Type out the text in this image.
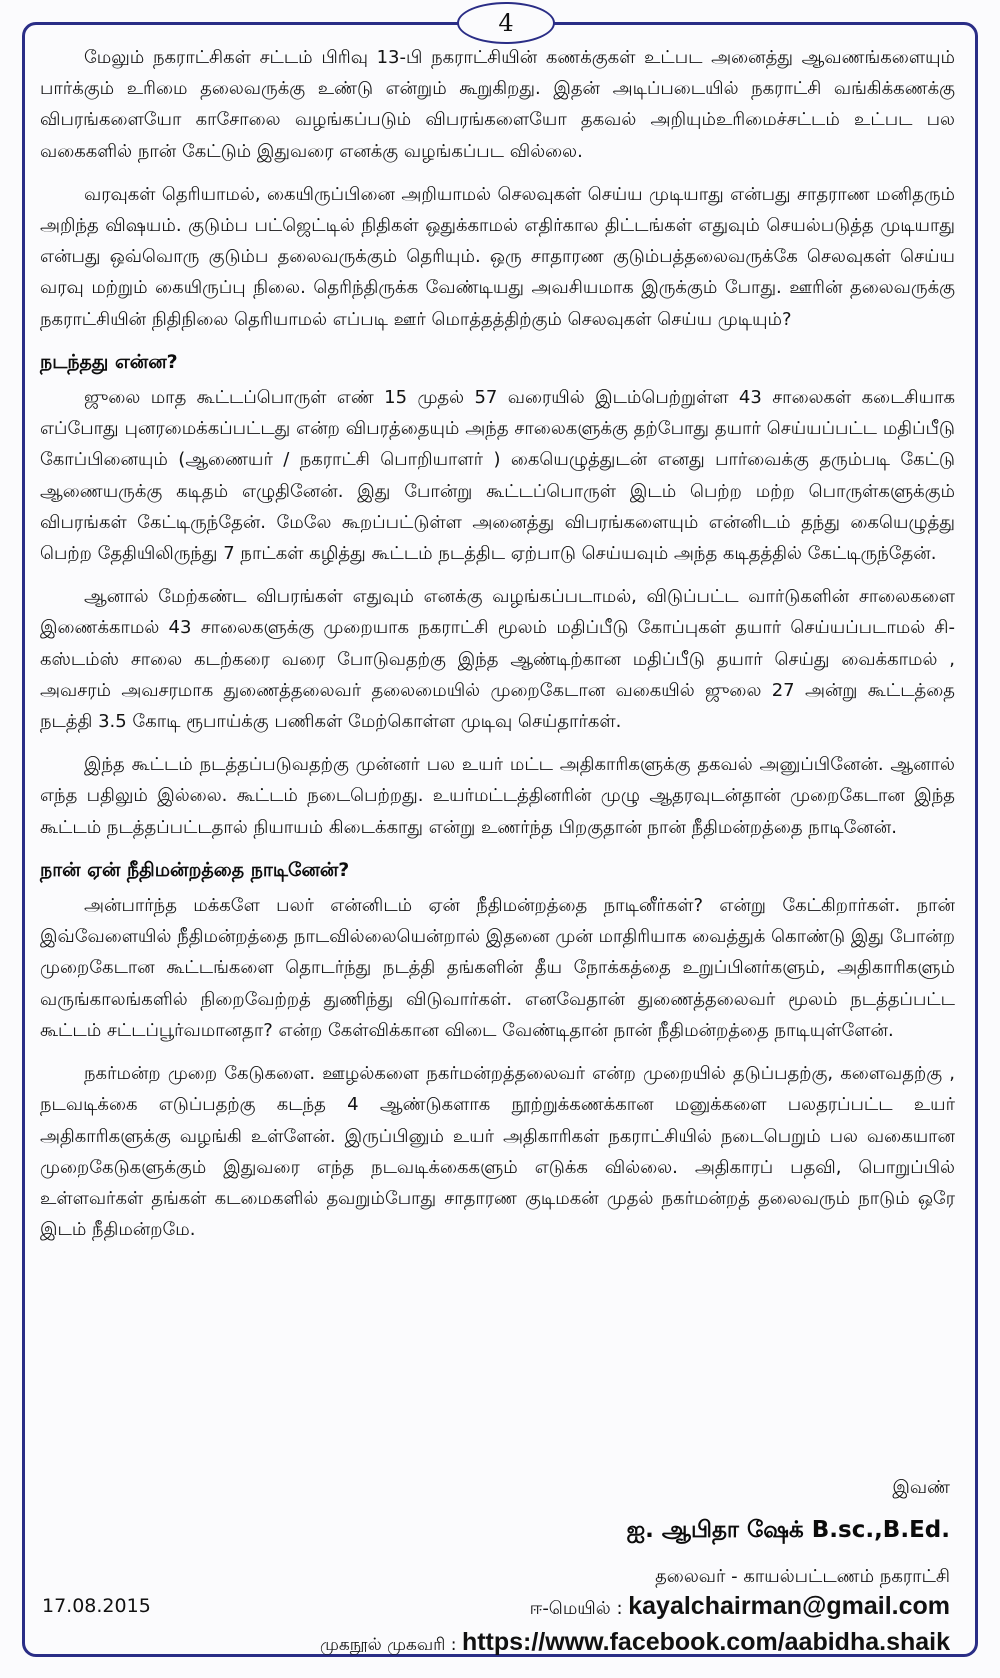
4

மேலும் நகராட்சிகள் சட்டம் பிரிவு 13-பி நகராட்சியின் கணக்குகள் உட்பட அனைத்து ஆவணங்களையும் பார்க்கும் உரிமை தலைவருக்கு உண்டு என்றும் கூறுகிறது. இதன் அடிப்படையில் நகராட்சி வங்கிக்கணக்கு விபரங்களையோ காசோலை வழங்கப்படும் விபரங்களையோ தகவல் அறியும்உரிமைச்சட்டம் உட்பட பல வகைகளில் நான் கேட்டும் இதுவரை எனக்கு வழங்கப்பட வில்லை.

வரவுகள் தெரியாமல், கையிருப்பினை அறியாமல் செலவுகள் செய்ய முடியாது என்பது சாதராண மனிதரும் அறிந்த விஷயம். குடும்ப பட்ஜெட்டில் நிதிகள் ஒதுக்காமல் எதிர்கால திட்டங்கள் எதுவும் செயல்படுத்த முடியாது என்பது ஒவ்வொரு குடும்ப தலைவருக்கும் தெரியும். ஒரு சாதாரண குடும்பத்தலைவருக்கே செலவுகள் செய்ய வரவு மற்றும் கையிருப்பு நிலை. தெரிந்திருக்க வேண்டியது அவசியமாக இருக்கும் போது. ஊரின் தலைவருக்கு நகராட்சியின் நிதிநிலை தெரியாமல் எப்படி ஊர் மொத்தத்திற்கும் செலவுகள் செய்ய முடியும்?

நடந்தது என்ன?

ஜுலை மாத கூட்டப்பொருள் எண் 15 முதல் 57 வரையில் இடம்பெற்றுள்ள 43 சாலைகள் கடைசியாக எப்போது புனரமைக்கப்பட்டது என்ற விபரத்தையும் அந்த சாலைகளுக்கு தற்போது தயார் செய்யப்பட்ட மதிப்பீடு கோப்பினையும் (ஆணையர் / நகராட்சி பொறியாளர் ) கையெழுத்துடன் எனது பார்வைக்கு தரும்படி கேட்டு ஆணையருக்கு கடிதம் எழுதினேன். இது போன்று கூட்டப்பொருள் இடம் பெற்ற மற்ற பொருள்களுக்கும் விபரங்கள் கேட்டிருந்தேன். மேலே கூறப்பட்டுள்ள அனைத்து விபரங்களையும் என்னிடம் தந்து கையெழுத்து பெற்ற தேதியிலிருந்து 7 நாட்கள் கழித்து கூட்டம் நடத்திட ஏற்பாடு செய்யவும் அந்த கடிதத்தில் கேட்டிருந்தேன்.

ஆனால் மேற்கண்ட விபரங்கள் எதுவும் எனக்கு வழங்கப்படாமல், விடுப்பட்ட வார்டுகளின் சாலைகளை இணைக்காமல் 43 சாலைகளுக்கு முறையாக நகராட்சி மூலம் மதிப்பீடு கோப்புகள் தயார் செய்யப்படாமல் சி-கஸ்டம்ஸ் சாலை கடற்கரை வரை போடுவதற்கு இந்த ஆண்டிற்கான மதிப்பீடு தயார் செய்து வைக்காமல் , அவசரம் அவசரமாக துணைத்தலைவர் தலைமையில் முறைகேடான வகையில் ஜுலை 27 அன்று கூட்டத்தை நடத்தி 3.5 கோடி ரூபாய்க்கு பணிகள் மேற்கொள்ள முடிவு செய்தார்கள்.

இந்த கூட்டம் நடத்தப்படுவதற்கு முன்னர் பல உயர் மட்ட அதிகாரிகளுக்கு தகவல் அனுப்பினேன். ஆனால் எந்த பதிலும் இல்லை. கூட்டம் நடைபெற்றது. உயர்மட்டத்தினரின் முழு ஆதரவுடன்தான் முறைகேடான இந்த கூட்டம் நடத்தப்பட்டதால் நியாயம் கிடைக்காது என்று உணர்ந்த பிறகுதான் நான் நீதிமன்றத்தை நாடினேன்.

நான் ஏன் நீதிமன்றத்தை நாடினேன்?

அன்பார்ந்த மக்களே பலர் என்னிடம் ஏன் நீதிமன்றத்தை நாடினீர்கள்? என்று கேட்கிறார்கள். நான் இவ்வேளையில் நீதிமன்றத்தை நாடவில்லையென்றால் இதனை முன் மாதிரியாக வைத்துக் கொண்டு இது போன்ற முறைகேடான கூட்டங்களை தொடர்ந்து நடத்தி தங்களின் தீய நோக்கத்தை உறுப்பினர்களும், அதிகாரிகளும் வருங்காலங்களில் நிறைவேற்றத் துணிந்து விடுவார்கள். எனவேதான் துணைத்தலைவர் மூலம் நடத்தப்பட்ட கூட்டம் சட்டப்பூர்வமானதா? என்ற கேள்விக்கான விடை வேண்டிதான் நான் நீதிமன்றத்தை நாடியுள்ளேன்.

நகர்மன்ற முறை கேடுகளை. ஊழல்களை நகர்மன்றத்தலைவர் என்ற முறையில் தடுப்பதற்கு, களைவதற்கு , நடவடிக்கை எடுப்பதற்கு கடந்த 4 ஆண்டுகளாக நூற்றுக்கணக்கான மனுக்களை பலதரப்பட்ட உயர் அதிகாரிகளுக்கு வழங்கி உள்ளேன். இருப்பினும் உயர் அதிகாரிகள் நகராட்சியில் நடைபெறும் பல வகையான முறைகேடுகளுக்கும் இதுவரை எந்த நடவடிக்கைகளும் எடுக்க வில்லை. அதிகாரப் பதவி, பொறுப்பில் உள்ளவர்கள் தங்கள் கடமைகளில் தவறும்போது சாதாரண குடிமகன் முதல் நகர்மன்றத் தலைவரும் நாடும் ஒரே இடம் நீதிமன்றமே.

இவண்
ஐ. ஆபிதா ஷேக் B.sc.,B.Ed.
தலைவர் - காயல்பட்டணம் நகராட்சி
17.08.2015	ஈ-மெயில் : kayalchairman@gmail.com
முகநூல் முகவரி : https://www.facebook.com/aabidha.shaik
